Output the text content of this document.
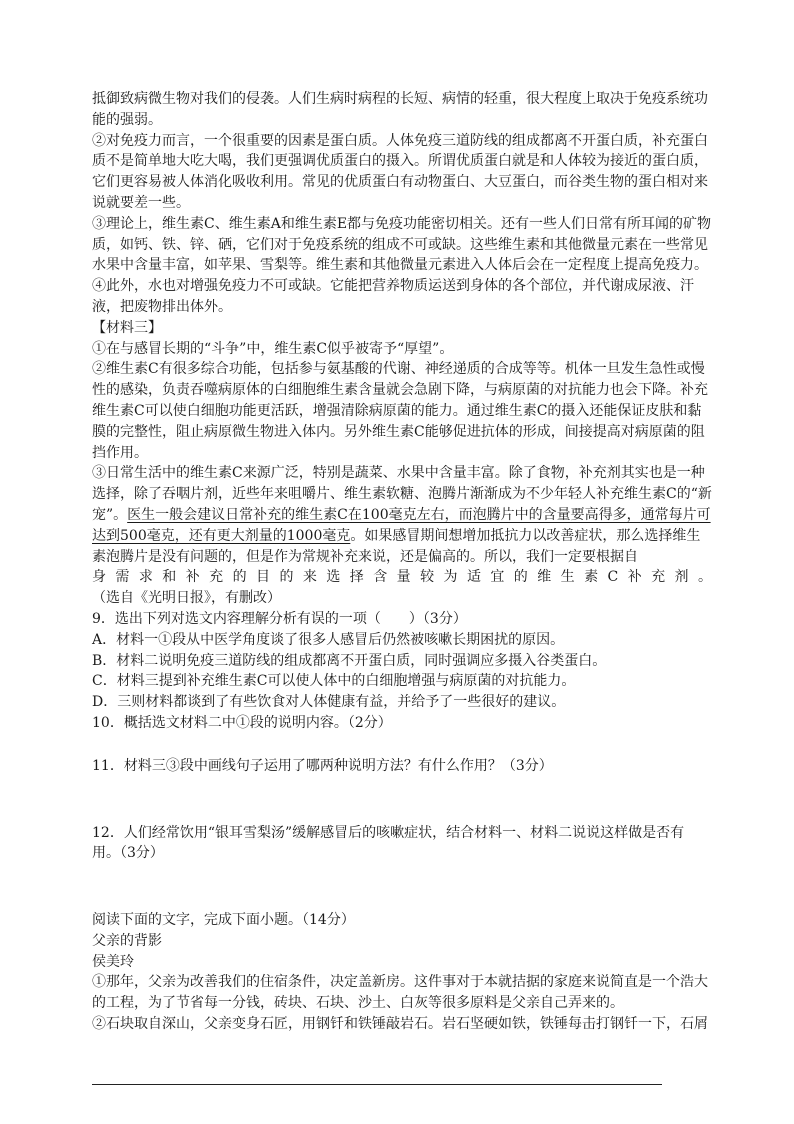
抵御致病微生物对我们的侵袭。人们生病时病程的长短、病情的轻重，很大程度上取决于免疫系统功能的强弱。

②对免疫力而言，一个很重要的因素是蛋白质。人体免疫三道防线的组成都离不开蛋白质，补充蛋白质不是简单地大吃大喝，我们更强调优质蛋白的摄入。所谓优质蛋白就是和人体较为接近的蛋白质，它们更容易被人体消化吸收利用。常见的优质蛋白有动物蛋白、大豆蛋白，而谷类生物的蛋白相对来说就要差一些。

③理论上，维生素C、维生素A和维生素E都与免疫功能密切相关。还有一些人们日常有所耳闻的矿物质，如钙、铁、锌、硒，它们对于免疫系统的组成不可或缺。这些维生素和其他微量元素在一些常见水果中含量丰富，如苹果、雪梨等。维生素和其他微量元素进入人体后会在一定程度上提高免疫力。

④此外，水也对增强免疫力不可或缺。它能把营养物质运送到身体的各个部位，并代谢成尿液、汗液，把废物排出体外。

【材料三】

①在与感冒长期的“斗争”中，维生素C似乎被寄予“厚望”。

②维生素C有很多综合功能，包括参与氨基酸的代谢、神经递质的合成等等。机体一旦发生急性或慢性的感染，负责吞噬病原体的白细胞维生素含量就会急剧下降，与病原菌的对抗能力也会下降。补充维生素C可以使白细胞功能更活跃，增强清除病原菌的能力。通过维生素C的摄入还能保证皮肤和黏膜的完整性，阻止病原微生物进入体内。另外维生素C能够促进抗体的形成，间接提高对病原菌的阻挡作用。

③日常生活中的维生素C来源广泛，特别是蔬菜、水果中含量丰富。除了食物，补充剂其实也是一种选择，除了吞咽片剂，近些年来咀嚼片、维生素软糖、泡腾片渐渐成为不少年轻人补充维生素C的“新宠”。医生一般会建议日常补充的维生素C在100毫克左右，而泡腾片中的含量要高得多，通常每片可达到500毫克，还有更大剂量的1000毫克。如果感冒期间想增加抵抗力以改善症状，那么选择维生素泡腾片是没有问题的，但是作为常规补充来说，还是偏高的。所以，我们一定要根据自

身需求和补充的目的来选择含量较为适宜的维生素C补充剂。

（选自《光明日报》，有删改）

9．选出下列对选文内容理解分析有误的一项（　　）（3分）

A．材料一①段从中医学角度谈了很多人感冒后仍然被咳嗽长期困扰的原因。

B．材料二说明免疫三道防线的组成都离不开蛋白质，同时强调应多摄入谷类蛋白。

C．材料三提到补充维生素C可以使人体中的白细胞增强与病原菌的对抗能力。

D．三则材料都谈到了有些饮食对人体健康有益，并给予了一些很好的建议。

10．概括选文材料二中①段的说明内容。（2分）

11．材料三③段中画线句子运用了哪两种说明方法？有什么作用？（3分）

12．人们经常饮用“银耳雪梨汤”缓解感冒后的咳嗽症状，结合材料一、材料二说说这样做是否有用。（3分）

阅读下面的文字，完成下面小题。（14分）

父亲的背影

侯美玲

①那年，父亲为改善我们的住宿条件，决定盖新房。这件事对于本就拮据的家庭来说简直是一个浩大的工程，为了节省每一分钱，砖块、石块、沙土、白灰等很多原料是父亲自己弄来的。

②石块取自深山，父亲变身石匠，用钢钎和铁锤敲岩石。岩石坚硬如铁，铁锤每击打钢钎一下，石屑
